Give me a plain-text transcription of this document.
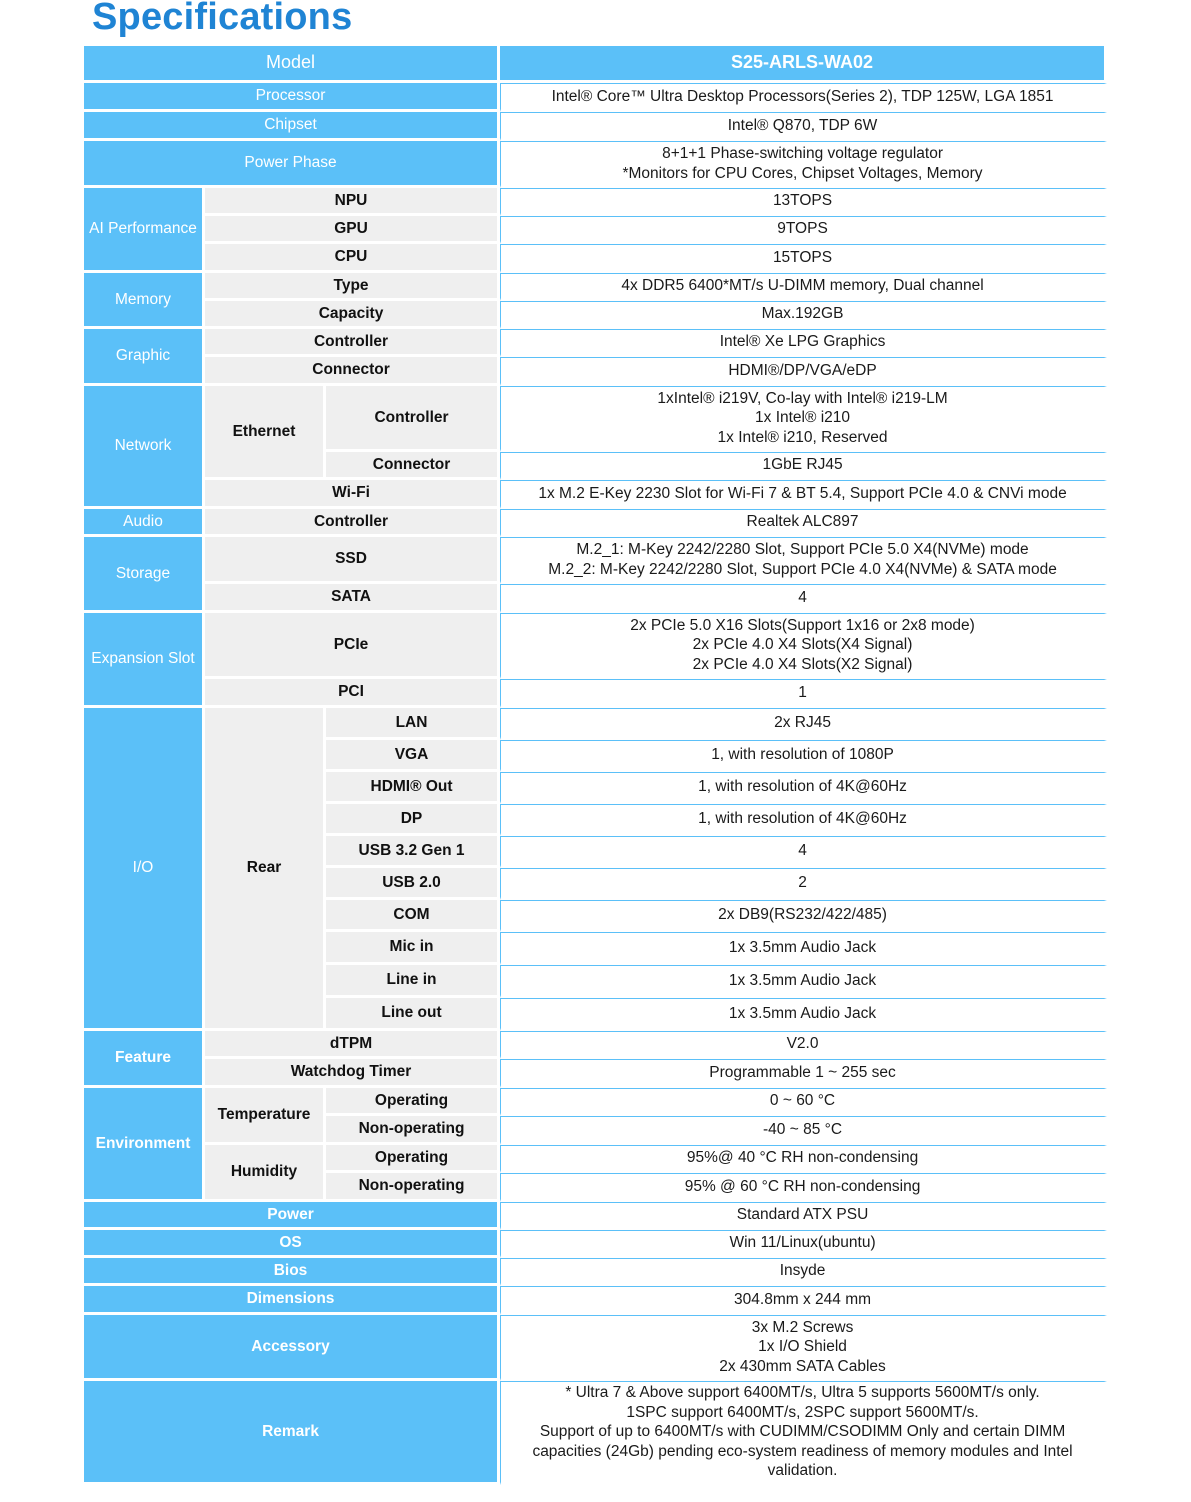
Specifications
Model			S25-ARLS-WA02
Processor			Intel® Core™ Ultra Desktop Processors(Series 2), TDP 125W, LGA 1851
Chipset			Intel® Q870, TDP 6W
Power Phase			8+1+1 Phase-switching voltage regulator
*Monitors for CPU Cores, Chipset Voltages, Memory

AI Performance	NPU		13TOPS
	GPU		9TOPS
	CPU		15TOPS
Memory	Type		4x DDR5 6400*MT/s U-DIMM memory, Dual channel
	Capacity		Max.192GB
Graphic	Controller		Intel® Xe LPG Graphics
	Connector		HDMI®/DP/VGA/eDP
Network	Ethernet	Controller	1xIntel® i219V, Co-lay with Intel® i219-LM
1x Intel® i210
1x Intel® i210, Reserved

		Connector	1GbE RJ45
	Wi-Fi		1x M.2 E-Key 2230 Slot for Wi-Fi 7 & BT 5.4, Support PCIe 4.0 & CNVi mode
Audio	Controller		Realtek ALC897
Storage	SSD		M.2_1: M-Key 2242/2280 Slot, Support PCIe 5.0 X4(NVMe) mode
M.2_2: M-Key 2242/2280 Slot, Support PCIe 4.0 X4(NVMe) & SATA mode

	SATA		4
Expansion Slot	PCIe		2x PCIe 5.0 X16 Slots(Support 1x16 or 2x8 mode)
2x PCIe 4.0 X4 Slots(X4 Signal)
2x PCIe 4.0 X4 Slots(X2 Signal)

	PCI		1
I/O	Rear	LAN	2x RJ45
		VGA	1, with resolution of 1080P
		HDMI® Out	1, with resolution of 4K@60Hz
		DP	1, with resolution of 4K@60Hz
		USB 3.2 Gen 1	4
		USB 2.0	2
		COM	2x DB9(RS232/422/485)
		Mic in	1x 3.5mm Audio Jack
		Line in	1x 3.5mm Audio Jack
		Line out	1x 3.5mm Audio Jack
Feature	dTPM		V2.0
	Watchdog Timer		Programmable 1 ~ 255 sec
Environment	Temperature	Operating	0 ~ 60 °C
		Non-operating	-40 ~ 85 °C
	Humidity	Operating	95%@ 40 °C RH non-condensing
		Non-operating	95% @ 60 °C RH non-condensing
Power			Standard ATX PSU
OS			Win 11/Linux(ubuntu)
Bios			Insyde
Dimensions			304.8mm x 244 mm
Accessory			3x M.2 Screws
1x I/O Shield
2x 430mm SATA Cables

Remark			* Ultra 7 & Above support 6400MT/s, Ultra 5 supports 5600MT/s only.
1SPC support 6400MT/s, 2SPC support 5600MT/s.
Support of up to 6400MT/s with CUDIMM/CSODIMM Only and certain DIMM capacities (24Gb) pending eco-system readiness of memory modules and Intel validation.
